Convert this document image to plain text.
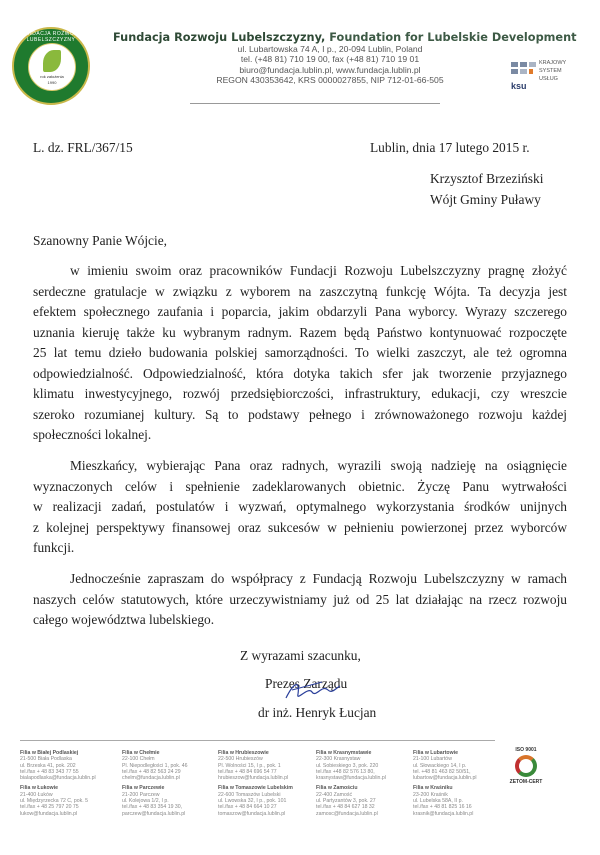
FUNDACJA ROZWOJU LUBELSZCZYZNY
rok założenia
1990
Fundacja Rozwoju Lubelszczyzny, Foundation for Lubelskie Development
ul. Lubartowska 74 A, I p., 20-094 Lublin, Poland
tel. (+48 81) 710 19 00, fax (+48 81) 710 19 01
biuro@fundacja.lublin.pl, www.fundacja.lublin.pl
REGON 430353642, KRS 0000027855, NIP 712-01-66-505
KRAJOWY
SYSTEM
USŁUG
ksu
L. dz. FRL/367/15	Lublin, dnia 17 lutego 2015 r.
Krzysztof Brzeziński
Wójt Gminy Puławy
Szanowny Panie Wójcie,
w imieniu swoim oraz pracowników Fundacji Rozwoju Lubelszczyzny pragnę złożyć
serdeczne gratulacje w związku z wyborem na zaszczytną funkcję Wójta. Ta decyzja jest
efektem społecznego zaufania i poparcia, jakim obdarzyli Pana wyborcy. Wyrazy szczerego
uznania kieruję także ku wybranym radnym. Razem będą Państwo kontynuować rozpoczęte
25 lat temu dzieło budowania polskiej samorządności. To wielki zaszczyt, ale też ogromna
odpowiedzialność. Odpowiedzialność, która dotyka takich sfer jak tworzenie przyjaznego
klimatu inwestycyjnego, rozwój przedsiębiorczości, infrastruktury, edukacji, czy wreszcie
szeroko rozumianej kultury. Są to podstawy pełnego i zrównoważonego rozwoju każdej
społeczności lokalnej.
Mieszkańcy, wybierając Pana oraz radnych, wyrazili swoją nadzieję na osiągnięcie
wyznaczonych celów i spełnienie zadeklarowanych obietnic. Życzę Panu wytrwałości
w realizacji zadań, postulatów i wyzwań, optymalnego wykorzystania środków unijnych
z kolejnej perspektywy finansowej oraz sukcesów w pełnieniu powierzonej przez wyborców
funkcji.
Jednocześnie zapraszam do współpracy z Fundacją Rozwoju Lubelszczyzny w ramach
naszych celów statutowych, które urzeczywistniamy już od 25 lat działając na rzecz rozwoju
całego województwa lubelskiego.
Z wyrazami szacunku,
Prezes Zarządu
dr inż. Henryk Łucjan
Filia w Białej Podlaskiej
21-500 Biała Podlaska
ul. Brzeska 41, pok. 202
tel./fax + 48 83 343 77 55
bialapodlaska@fundacja.lublin.pl
Filia w Łukowie
21-400 Łuków
ul. Międzyrzecka 72 C, pok. 5
tel./fax + 48 25 797 20 75
lukow@fundacja.lublin.pl
Filia w Chełmie
22-100 Chełm
Pl. Niepodległości 1, pok. 46
tel./fax + 48 82 563 24 29
chelm@fundacja.lublin.pl
Filia w Parczewie
21-200 Parczew
ul. Kolejowa 1/2, I p.
tel./fax + 48 83 354 19 30,
parczew@fundacja.lublin.pl
Filia w Hrubieszowie
22-500 Hrubieszów
Pl. Wolności 15, I p., pok. 1
tel./fax + 48 84 696 54 77
hrubieszow@fundacja.lublin.pl
Filia w Tomaszowie Lubelskim
22-600 Tomaszów Lubelski
ul. Lwowska 32, I p., pok. 101
tel./fax + 48 84 664 10 27
tomaszow@fundacja.lublin.pl
Filia w Krasnymstawie
22-300 Krasnystaw
ul. Sobieskiego 3, pok. 220
tel./fax +48 82 576 13 80,
krasnystaw@fundacja.lublin.pl
Filia w Zamościu
22-400 Zamość
ul. Partyzantów 3, pok. 27
tel./fax + 48 84 627 18 32
zamosc@fundacja.lublin.pl
Filia w Lubartowie
21-100 Lubartów
ul. Słowackiego 14, I p.
tel. +48 81 463 82 50/51,
lubartow@fundacja.lublin.pl
Filia w Kraśniku
23-200 Kraśnik
ul. Lubelska 58A, II p.
tel./fax + 48 81 825 16 16
krasnik@fundacja.lublin.pl
ISO 9001
ZETOM-CERT
